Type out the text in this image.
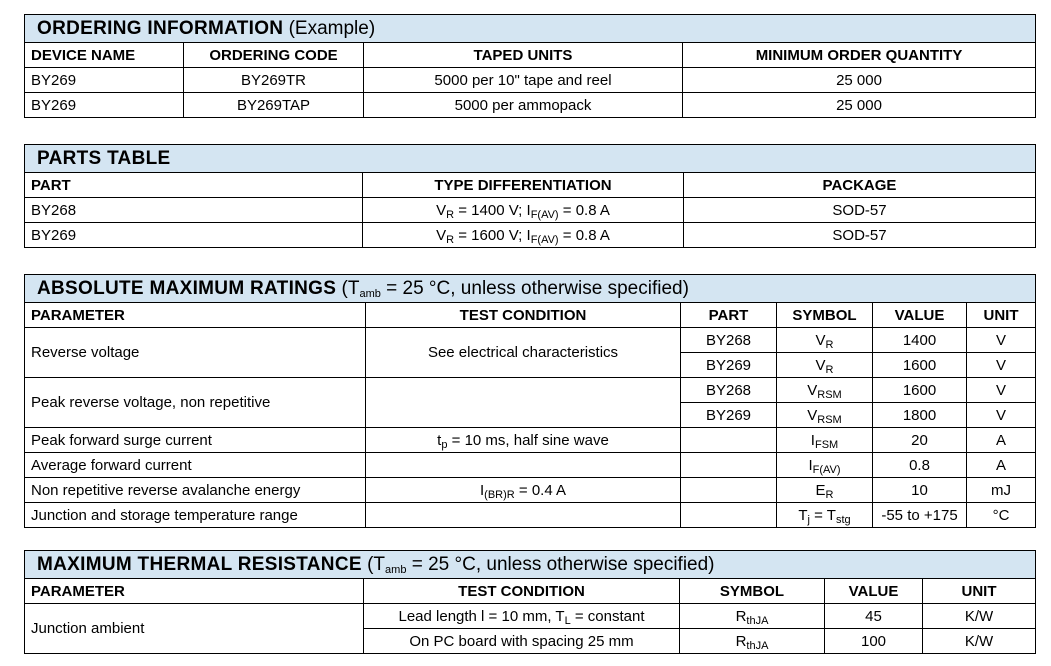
ORDERING INFORMATION (Example)			
DEVICE NAME	ORDERING CODE	TAPED UNITS	MINIMUM ORDER QUANTITY
BY269	BY269TR	5000 per 10" tape and reel	25 000
BY269	BY269TAP	5000 per ammopack	25 000
PARTS TABLE		
PART	TYPE DIFFERENTIATION	PACKAGE
BY268	$V_R = 1400$ V; $I_{F(AV)} = 0.8$ A	SOD-57
BY269	$V_R = 1600$ V; $I_{F(AV)} = 0.8$ A	SOD-57
ABSOLUTE MAXIMUM RATINGS ($T_{amb} = 25$ °C, unless otherwise specified)					
PARAMETER	TEST CONDITION	PART	SYMBOL	VALUE	UNIT
Reverse voltage	See electrical characteristics	BY268	$V_R$	1400	V
		BY269	$V_R$	1600	V
Peak reverse voltage, non repetitive		BY268	$V_{RSM}$	1600	V
		BY269	$V_{RSM}$	1800	V
Peak forward surge current	$t_p = 10$ ms, half sine wave		$I_{FSM}$	20	A
Average forward current			$I_{F(AV)}$	0.8	A
Non repetitive reverse avalanche energy	$I_{(BR)R} = 0.4$ A		$E_R$	10	mJ
Junction and storage temperature range			$T_j = T_{stg}$	-55 to +175	°C
MAXIMUM THERMAL RESISTANCE ($T_{amb} = 25$ °C, unless otherwise specified)				
PARAMETER	TEST CONDITION	SYMBOL	VALUE	UNIT
Junction ambient	Lead length l = 10 mm, $T_L$ = constant	$R_{thJA}$	45	K/W
	On PC board with spacing 25 mm	$R_{thJA}$	100	K/W
